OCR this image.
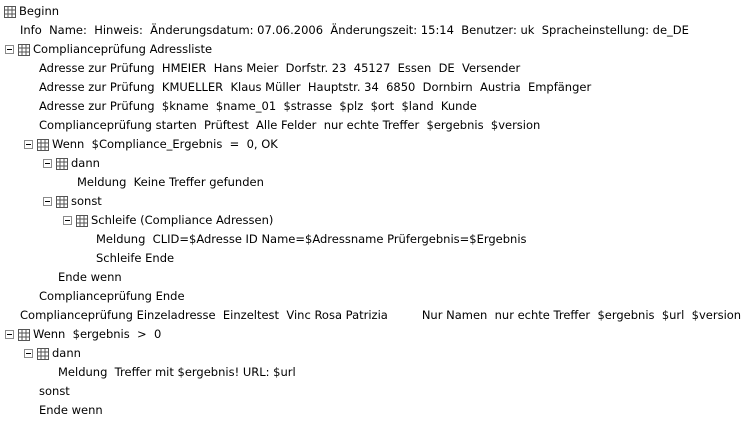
Beginn
Info  Name:  Hinweis:  Änderungsdatum: 07.06.2006  Änderungszeit: 15:14  Benutzer: uk  Spracheinstellung: de_DE
Complianceprüfung Adressliste
Adresse zur Prüfung  HMEIER  Hans Meier  Dorfstr. 23  45127  Essen  DE  Versender
Adresse zur Prüfung  KMUELLER  Klaus Müller  Hauptstr. 34  6850  Dornbirn  Austria  Empfänger
Adresse zur Prüfung  $kname  $name_01  $strasse  $plz  $ort  $land  Kunde
Complianceprüfung starten  Prüftest  Alle Felder  nur echte Treffer  $ergebnis  $version
Wenn  $Compliance_Ergebnis  =  0, OK
dann
Meldung  Keine Treffer gefunden
sonst
Schleife (Compliance Adressen)
Meldung  CLID=$Adresse ID Name=$Adressname Prüfergebnis=$Ergebnis
Schleife Ende
Ende wenn
Complianceprüfung Ende
Complianceprüfung Einzeladresse  Einzeltest  Vinc Rosa Patrizia	Nur Namen  nur echte Treffer  $ergebnis  $url  $version
Wenn  $ergebnis  >  0
dann
Meldung  Treffer mit $ergebnis! URL: $url
sonst
Ende wenn
